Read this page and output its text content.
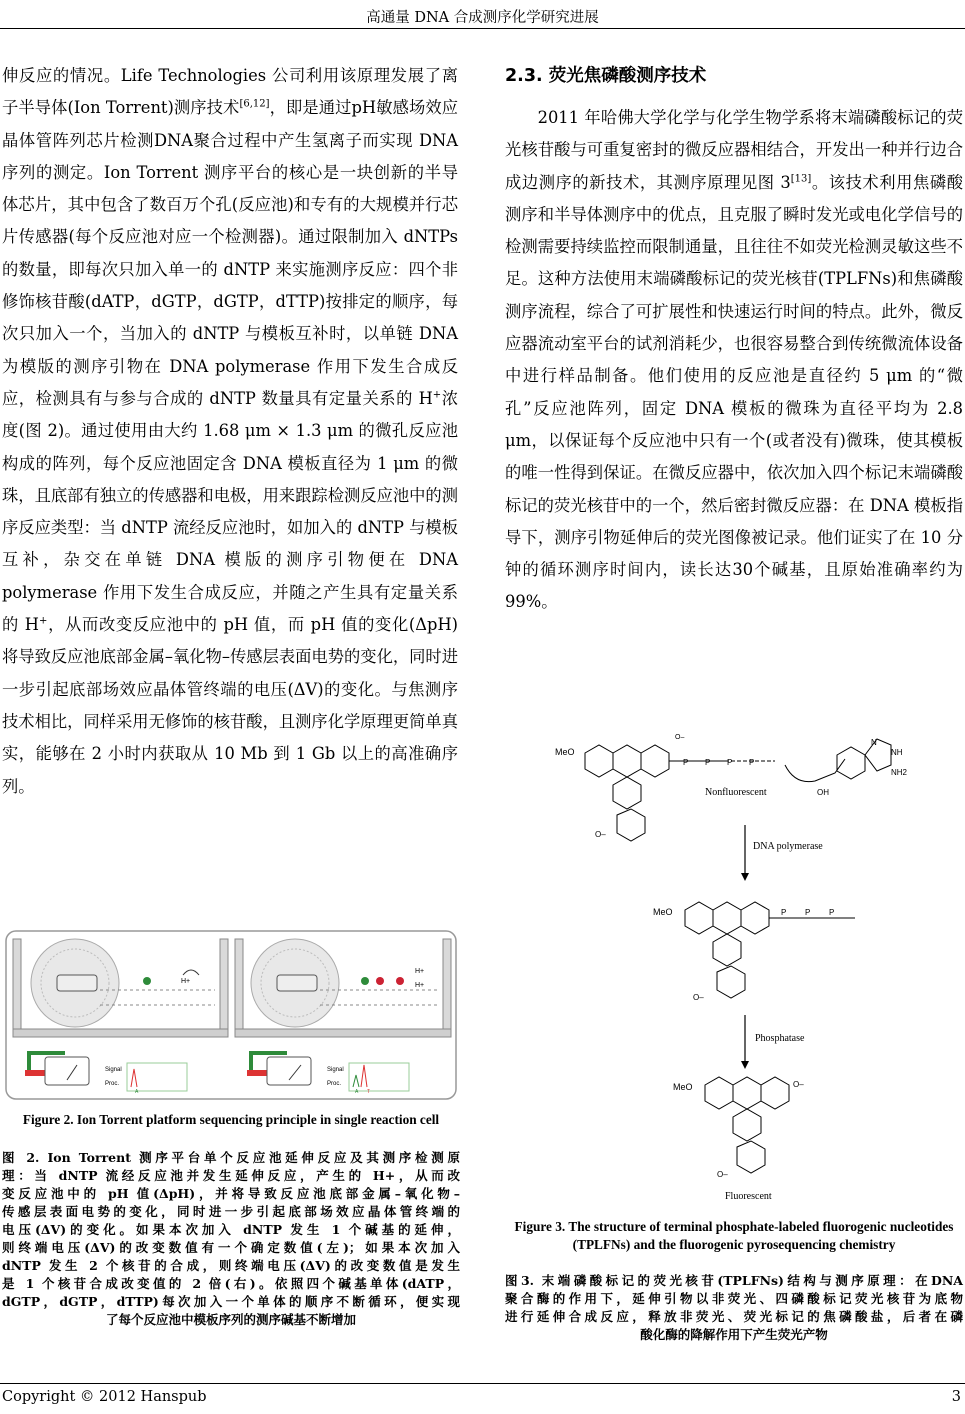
高通量 DNA 合成测序化学研究进展

伸反应的情况。Life Technologies 公司利用该原理发展了离子半导体(Ion Torrent)测序技术[6,12]，即是通过pH敏感场效应晶体管阵列芯片检测DNA聚合过程中产生氢离子而实现 DNA 序列的测定。Ion Torrent 测序平台的核心是一块创新的半导体芯片，其中包含了数百万个孔(反应池)和专有的大规模并行芯片传感器(每个反应池对应一个检测器)。通过限制加入 dNTPs 的数量，即每次只加入单一的 dNTP 来实施测序反应：四个非修饰核苷酸(dATP，dGTP，dGTP，dTTP)按排定的顺序，每次只加入一个，当加入的 dNTP 与模板互补时，以单链 DNA 为模版的测序引物在 DNA polymerase 作用下发生合成反应，检测具有与参与合成的 dNTP 数量具有定量关系的 H+浓度(图 2)。通过使用由大约 1.68 μm × 1.3 μm 的微孔反应池构成的阵列，每个反应池固定含 DNA 模板直径为 1 μm 的微珠，且底部有独立的传感器和电极，用来跟踪检测反应池中的测序反应类型：当 dNTP 流经反应池时，如加入的 dNTP 与模板互补，杂交在单链 DNA 模版的测序引物便在 DNA polymerase 作用下发生合成反应，并随之产生具有定量关系的 H+，从而改变反应池中的 pH 值，而 pH 值的变化(ΔpH)将导致反应池底部金属–氧化物–传感层表面电势的变化，同时进一步引起底部场效应晶体管终端的电压(ΔV)的变化。与焦测序技术相比，同样采用无修饰的核苷酸，且测序化学原理更简单真实，能够在 2 小时内获取从 10 Mb 到 1 Gb 以上的高准确序列。

2.3. 荧光焦磷酸测序技术

2011 年哈佛大学化学与化学生物学系将末端磷酸标记的荧光核苷酸与可重复密封的微反应器相结合，开发出一种并行边合成边测序的新技术，其测序原理见图 3[13]。该技术利用焦磷酸测序和半导体测序中的优点，且克服了瞬时发光或电化学信号的检测需要持续监控而限制通量，且往往不如荧光检测灵敏这些不足。这种方法使用末端磷酸标记的荧光核苷(TPLFNs)和焦磷酸测序流程，综合了可扩展性和快速运行时间的特点。此外，微反应器流动室平台的试剂消耗少，也很容易整合到传统微流体设备中进行样品制备。他们使用的反应池是直径约 5 μm 的“微孔”反应池阵列，固定 DNA 模板的微珠为直径平均为 2.8 μm，以保证每个反应池中只有一个(或者没有)微珠，使其模板的唯一性得到保证。在微反应器中，依次加入四个标记末端磷酸标记的荧光核苷中的一个，然后密封微反应器：在 DNA 模板指导下，测序引物延伸后的荧光图像被记录。他们证实了在 10 分钟的循环测序时间内，读长达30个碱基，且原始准确率约为99%。

H+
Signal
Proc.
A
H+
H+
Signal
Proc.
A T
Figure 2. Ion Torrent platform sequencing principle in single reaction cell
图 2. Ion Torrent 测序平台单个反应池延伸反应及其测序检测原
理：当 dNTP 流经反应池并发生延伸反应，产生的 H+，从而改
变反应池中的 pH 值(ΔpH)，并将导致反应池底部金属–氧化物–
传感层表面电势的变化，同时进一步引起底部场效应晶体管终端的
电压(ΔV)的变化。如果本次加入 dNTP 发生 1 个碱基的延伸，
则终端电压(ΔV)的改变数值有一个确定数值(左)；如果本次加入
dNTP 发生 2 个核苷的合成，则终端电压(ΔV)的改变数值是发生
是 1 个核苷合成改变值的 2 倍(右)。依照四个碱基单体(dATP，
dGTP，dGTP，dTTP)每次加入一个单体的顺序不断循环，便实现
了每个反应池中模板序列的测序碱基不断增加
MeO
O–
P P P P
N
NH
NH2
OH
O–
Nonfluorescent
DNA polymerase
MeO
O–
P P P
Phosphatase
MeO	O–
O–
Fluorescent
Figure 3. The structure of terminal phosphate-labeled fluorogenic nucleotides (TPLFNs) and the fluorogenic pyrosequencing chemistry
图3. 末端磷酸标记的荧光核苷(TPLFNs)结构与测序原理：在DNA
聚合酶的作用下，延伸引物以非荧光、四磷酸标记荧光核苷为底物
进行延伸合成反应，释放非荧光、荧光标记的焦磷酸盐，后者在磷
酸化酶的降解作用下产生荧光产物
Copyright © 2012 Hanspub	3
